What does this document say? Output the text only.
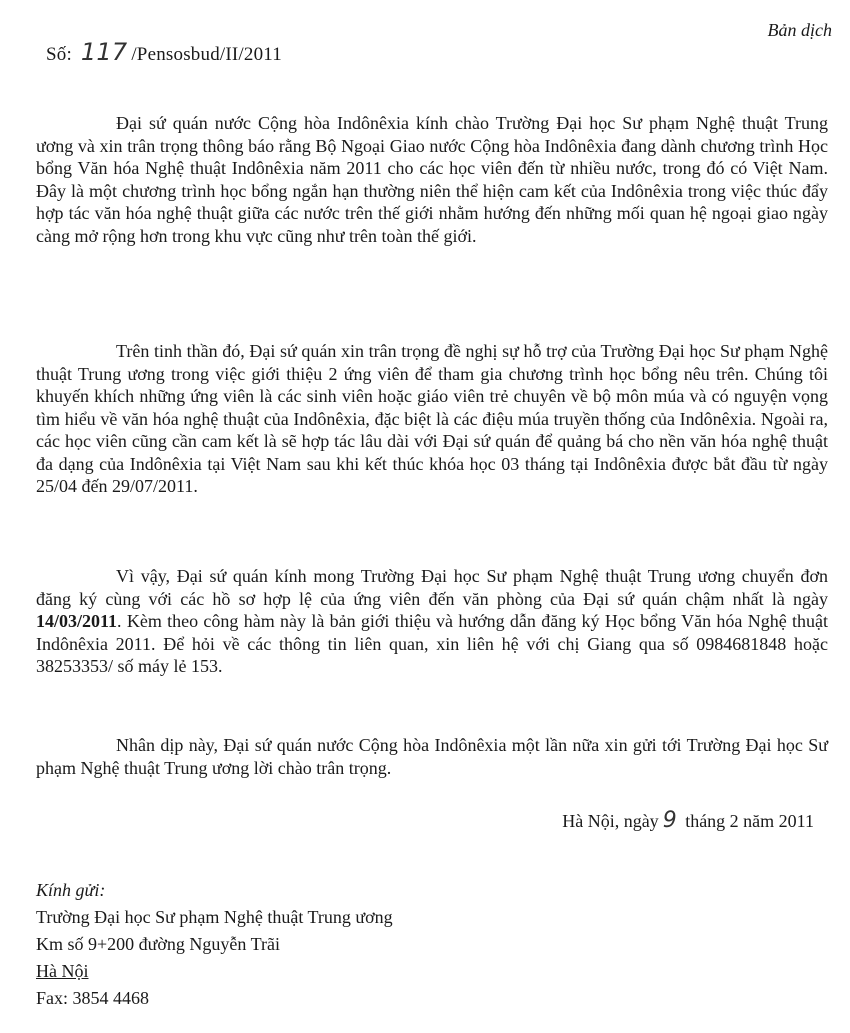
Bản dịch
Số: 117 /Pensosbud/II/2011

Đại sứ quán nước Cộng hòa Indônêxia kính chào Trường Đại học Sư phạm Nghệ thuật Trung ương và xin trân trọng thông báo rằng Bộ Ngoại Giao nước Cộng hòa Indônêxia đang dành chương trình Học bổng Văn hóa Nghệ thuật Indônêxia năm 2011 cho các học viên đến từ nhiều nước, trong đó có Việt Nam. Đây là một chương trình học bổng ngắn hạn thường niên thể hiện cam kết của Indônêxia trong việc thúc đẩy hợp tác văn hóa nghệ thuật giữa các nước trên thế giới nhằm hướng đến những mối quan hệ ngoại giao ngày càng mở rộng hơn trong khu vực cũng như trên toàn thế giới.

Trên tinh thần đó, Đại sứ quán xin trân trọng đề nghị sự hỗ trợ của Trường Đại học Sư phạm Nghệ thuật Trung ương trong việc giới thiệu 2 ứng viên để tham gia chương trình học bổng nêu trên. Chúng tôi khuyến khích những ứng viên là các sinh viên hoặc giáo viên trẻ chuyên về bộ môn múa và có nguyện vọng tìm hiểu về văn hóa nghệ thuật của Indônêxia, đặc biệt là các điệu múa truyền thống của Indônêxia. Ngoài ra, các học viên cũng cần cam kết là sẽ hợp tác lâu dài với Đại sứ quán để quảng bá cho nền văn hóa nghệ thuật đa dạng của Indônêxia tại Việt Nam sau khi kết thúc khóa học 03 tháng tại Indônêxia được bắt đầu từ ngày 25/04 đến 29/07/2011.

Vì vậy, Đại sứ quán kính mong Trường Đại học Sư phạm Nghệ thuật Trung ương chuyển đơn đăng ký cùng với các hồ sơ hợp lệ của ứng viên đến văn phòng của Đại sứ quán chậm nhất là ngày 14/03/2011. Kèm theo công hàm này là bản giới thiệu và hướng dẫn đăng ký Học bổng Văn hóa Nghệ thuật Indônêxia 2011. Để hỏi về các thông tin liên quan, xin liên hệ với chị Giang qua số 0984681848 hoặc 38253353/ số máy lẻ 153.

Nhân dịp này, Đại sứ quán nước Cộng hòa Indônêxia một lần nữa xin gửi tới Trường Đại học Sư phạm Nghệ thuật Trung ương lời chào trân trọng.

Hà Nội, ngày 9 tháng 2 năm 2011
Kính gửi:
Trường Đại học Sư phạm Nghệ thuật Trung ương
Km số 9+200 đường Nguyễn Trãi
Hà Nội
Fax: 3854 4468
